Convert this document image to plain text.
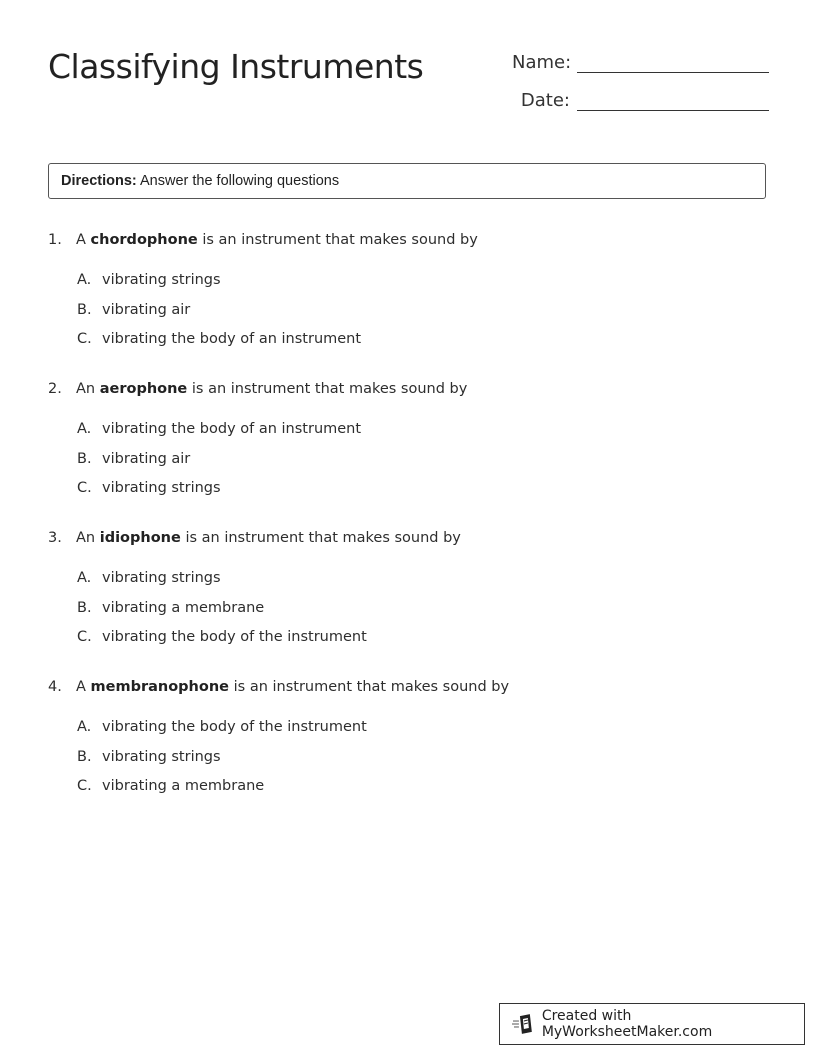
Classifying Instruments	Name:
Date:
Directions: Answer the following questions
1. A chordophone is an instrument that makes sound by
A. vibrating strings
B. vibrating air
C. vibrating the body of an instrument
2. An aerophone is an instrument that makes sound by
A. vibrating the body of an instrument
B. vibrating air
C. vibrating strings
3. An idiophone is an instrument that makes sound by
A. vibrating strings
B. vibrating a membrane
C. vibrating the body of the instrument
4. A membranophone is an instrument that makes sound by
A. vibrating the body of the instrument
B. vibrating strings
C. vibrating a membrane
Created with MyWorksheetMaker.com
